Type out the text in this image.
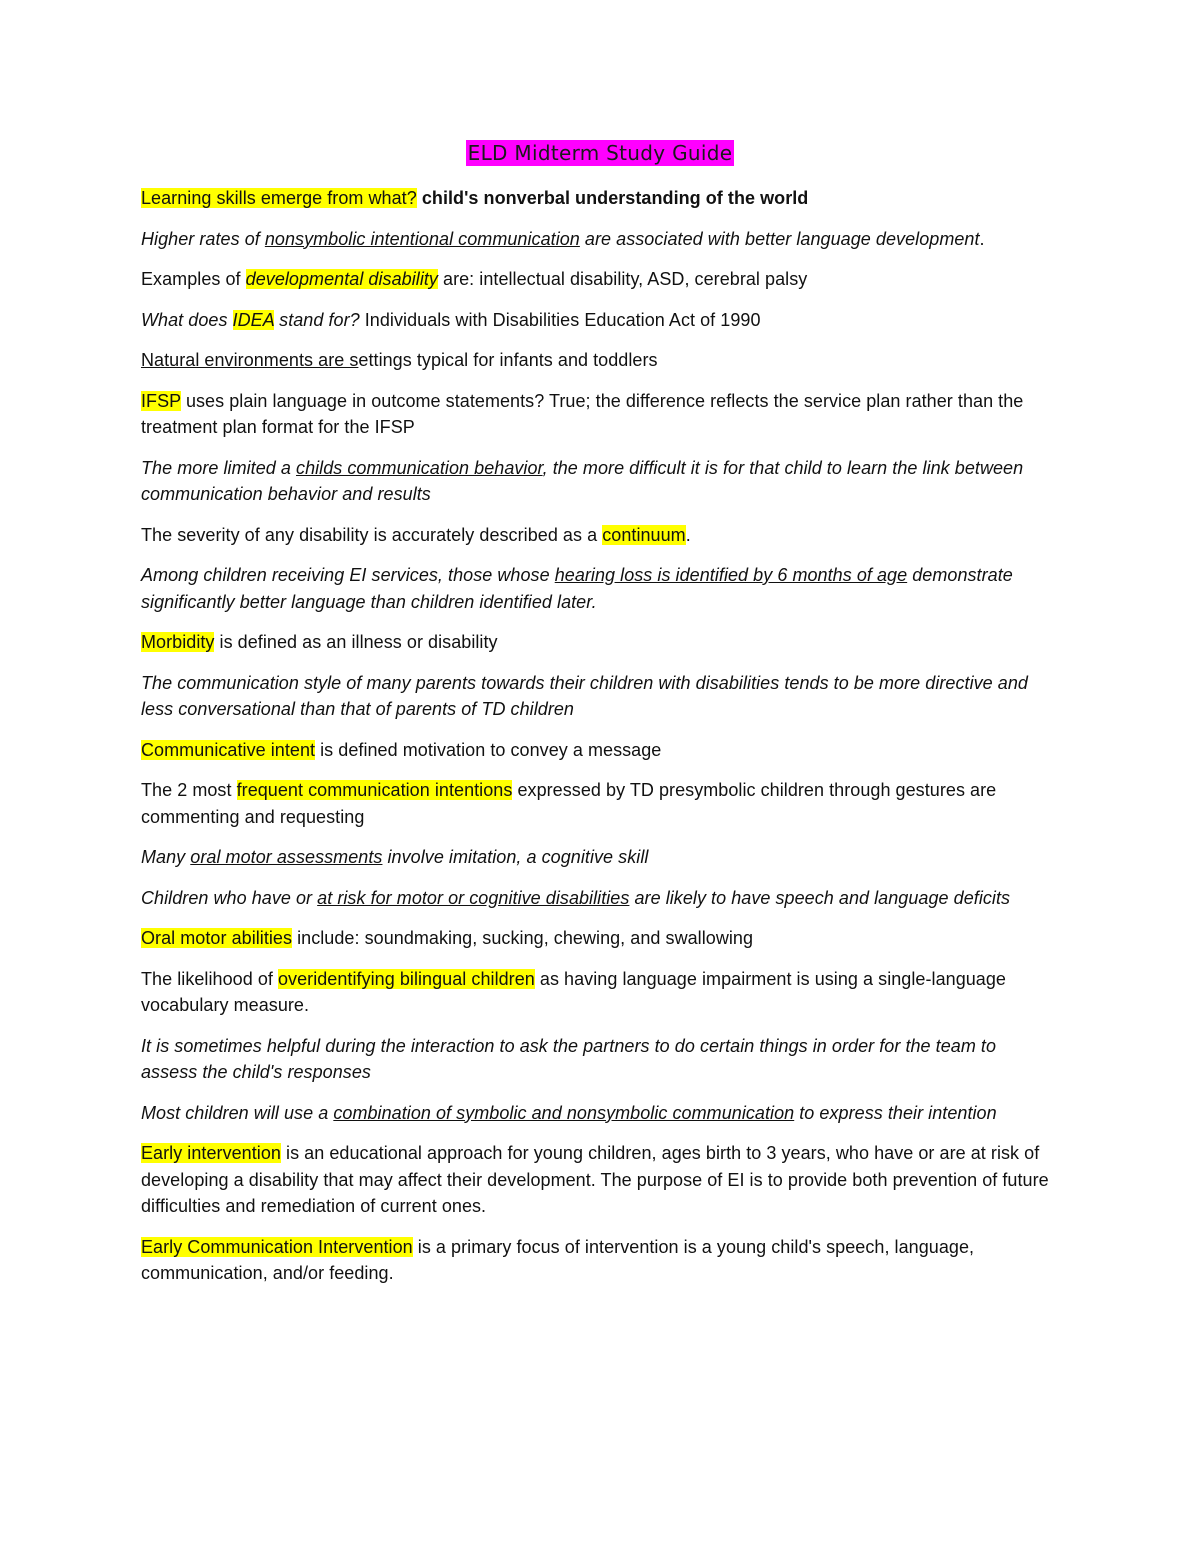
ELD Midterm Study Guide

Learning skills emerge from what? child's nonverbal understanding of the world

Higher rates of nonsymbolic intentional communication are associated with better language development.

Examples of developmental disability are: intellectual disability, ASD, cerebral palsy

What does IDEA stand for? Individuals with Disabilities Education Act of 1990

Natural environments are settings typical for infants and toddlers

IFSP uses plain language in outcome statements? True; the difference reflects the service plan rather than the treatment plan format for the IFSP

The more limited a childs communication behavior, the more difficult it is for that child to learn the link between communication behavior and results

The severity of any disability is accurately described as a continuum.

Among children receiving EI services, those whose hearing loss is identified by 6 months of age demonstrate significantly better language than children identified later.

Morbidity is defined as an illness or disability

The communication style of many parents towards their children with disabilities tends to be more directive and less conversational than that of parents of TD children

Communicative intent is defined motivation to convey a message

The 2 most frequent communication intentions expressed by TD presymbolic children through gestures are commenting and requesting

Many oral motor assessments involve imitation, a cognitive skill

Children who have or at risk for motor or cognitive disabilities are likely to have speech and language deficits

Oral motor abilities include: soundmaking, sucking, chewing, and swallowing

The likelihood of overidentifying bilingual children as having language impairment is using a single-language vocabulary measure.

It is sometimes helpful during the interaction to ask the partners to do certain things in order for the team to assess the child's responses

Most children will use a combination of symbolic and nonsymbolic communication to express their intention

Early intervention is an educational approach for young children, ages birth to 3 years, who have or are at risk of developing a disability that may affect their development. The purpose of EI is to provide both prevention of future difficulties and remediation of current ones.

Early Communication Intervention is a primary focus of intervention is a young child's speech, language, communication, and/or feeding.
